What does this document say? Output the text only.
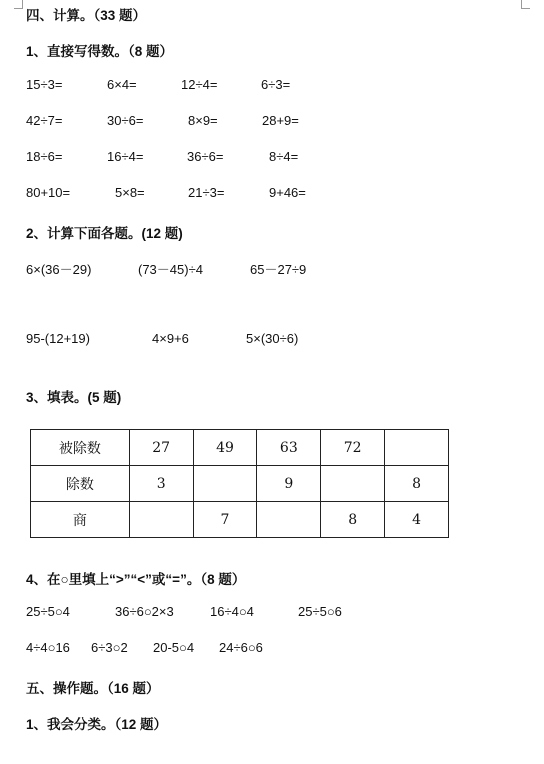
四、计算。（33 题）
1、直接写得数。（8 题）
15÷3=	6×4=	12÷4=	6÷3=
42÷7=	30÷6=	8×9=	28+9=
18÷6=	16÷4=	36÷6=	8÷4=
80+10=	5×8=	21÷3=	9+46=
2、计算下面各题。(12 题)
6×(36－29)	(73－45)÷4	65－27÷9
95-(12+19)	4×9+6	5×(30÷6)
3、填表。(5 题)
被除数	27	49	63	72	
除数	3		9		8
商		7		8	4
4、在○里填上“>”“<”或“=”。（8 题）
25÷5○4	36÷6○2×3	16÷4○4	25÷5○6
4÷4○16 6÷3○2 20-5○4 24÷6○6
五、操作题。（16 题）
1、我会分类。（12 题）
